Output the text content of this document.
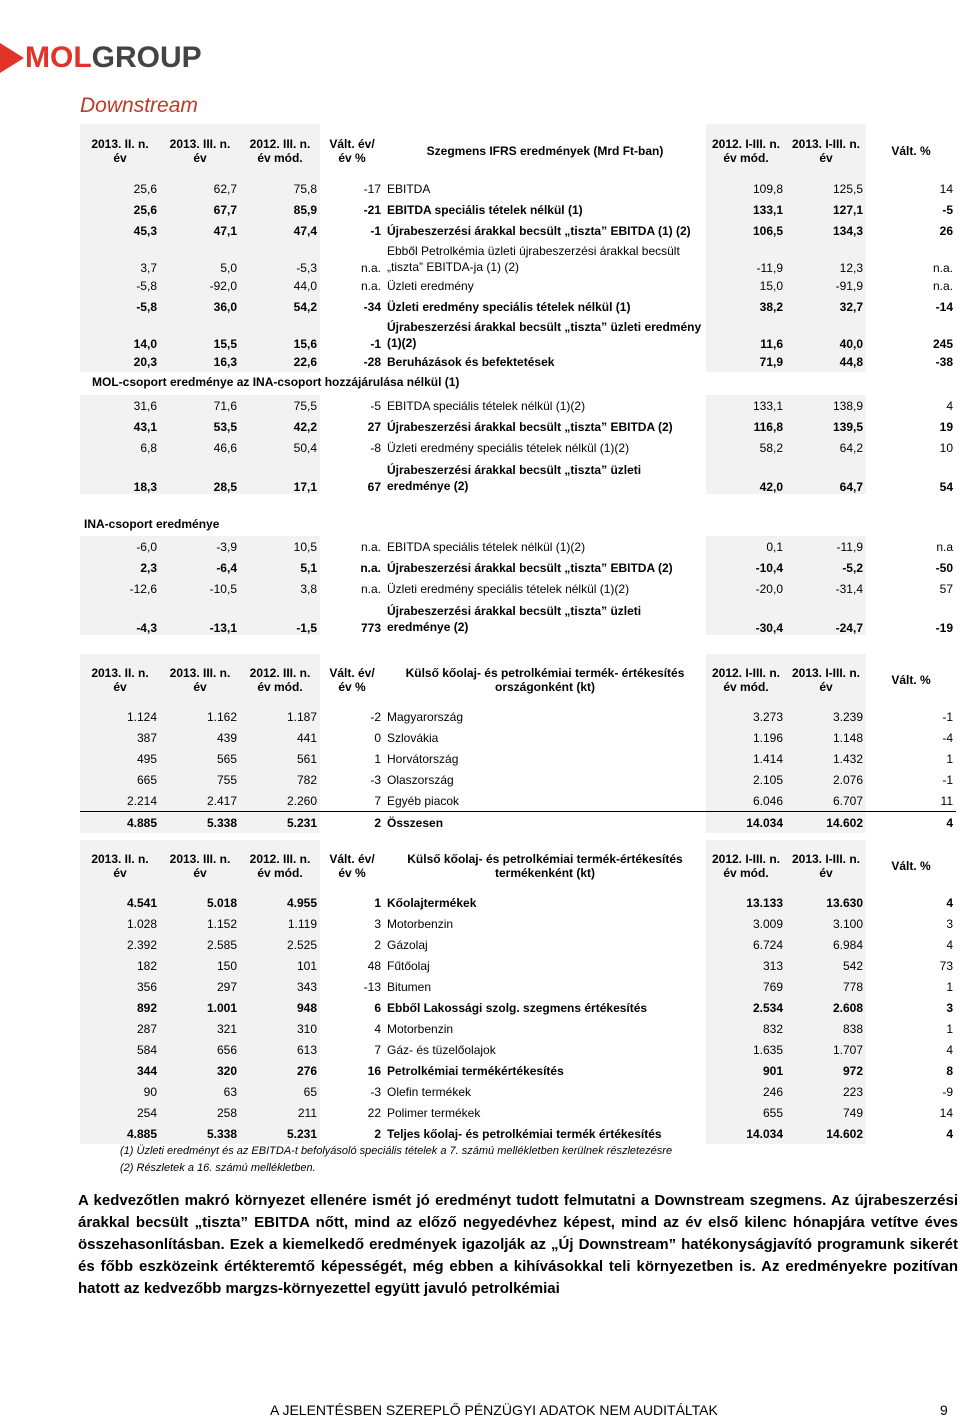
MOLGROUP
Downstream
2013. II. n. év	2013. III. n. év	2012. III. n. év mód.	Vált. év/év %	Szegmens IFRS eredmények (Mrd Ft-ban)	2012. I-III. n. év mód.	2013. I-III. n. év	Vált. %
25,6	62,7	75,8	-17	EBITDA	109,8	125,5	14
25,6	67,7	85,9	-21	EBITDA speciális tételek nélkül (1)	133,1	127,1	-5
45,3	47,1	47,4	-1	Újrabeszerzési árakkal becsült „tiszta” EBITDA (1) (2)	106,5	134,3	26
3,7	5,0	-5,3	n.a.	Ebből Petrolkémia üzleti újrabeszerzési árakkal becsült „tiszta” EBITDA-ja (1) (2)	-11,9	12,3	n.a.
-5,8	-92,0	44,0	n.a.	Üzleti eredmény	15,0	-91,9	n.a.
-5,8	36,0	54,2	-34	Üzleti eredmény speciális tételek nélkül (1)	38,2	32,7	-14
14,0	15,5	15,6	-1	Újrabeszerzési árakkal becsült „tiszta” üzleti eredmény (1)(2)	11,6	40,0	245
20,3	16,3	22,6	-28	Beruházások és befektetések	71,9	44,8	-38
MOL-csoport eredménye az INA-csoport hozzájárulása nélkül (1)
31,6	71,6	75,5	-5	EBITDA speciális tételek nélkül (1)(2)	133,1	138,9	4
43,1	53,5	42,2	27	Újrabeszerzési árakkal becsült „tiszta” EBITDA (2)	116,8	139,5	19
6,8	46,6	50,4	-8	Üzleti eredmény speciális tételek nélkül (1)(2)	58,2	64,2	10
18,3	28,5	17,1	67	Újrabeszerzési árakkal becsült „tiszta” üzleti eredménye (2)	42,0	64,7	54
INA-csoport eredménye
-6,0	-3,9	10,5	n.a.	EBITDA speciális tételek nélkül (1)(2)	0,1	-11,9	n.a
2,3	-6,4	5,1	n.a.	Újrabeszerzési árakkal becsült „tiszta” EBITDA (2)	-10,4	-5,2	-50
-12,6	-10,5	3,8	n.a.	Üzleti eredmény speciális tételek nélkül (1)(2)	-20,0	-31,4	57
-4,3	-13,1	-1,5	773	Újrabeszerzési árakkal becsült „tiszta” üzleti eredménye (2)	-30,4	-24,7	-19
2013. II. n. év	2013. III. n. év	2012. III. n. év mód.	Vált. év/év %	Külső kőolaj- és petrolkémiai termék- értékesítés országonként (kt)	2012. I-III. n. év mód.	2013. I-III. n. év	Vált. %
1.124	1.162	1.187	-2	Magyarország	3.273	3.239	-1
387	439	441	0	Szlovákia	1.196	1.148	-4
495	565	561	1	Horvátország	1.414	1.432	1
665	755	782	-3	Olaszország	2.105	2.076	-1
2.214	2.417	2.260	7	Egyéb piacok	6.046	6.707	11
4.885	5.338	5.231	2	Összesen	14.034	14.602	4
2013. II. n. év	2013. III. n. év	2012. III. n. év mód.	Vált. év/év %	Külső kőolaj- és petrolkémiai termék-értékesítés termékenként (kt)	2012. I-III. n. év mód.	2013. I-III. n. év	Vált. %
4.541	5.018	4.955	1	Kőolajtermékek	13.133	13.630	4
1.028	1.152	1.119	3	Motorbenzin	3.009	3.100	3
2.392	2.585	2.525	2	Gázolaj	6.724	6.984	4
182	150	101	48	Fűtőolaj	313	542	73
356	297	343	-13	Bitumen	769	778	1
892	1.001	948	6	Ebből Lakossági szolg. szegmens értékesítés	2.534	2.608	3
287	321	310	4	Motorbenzin	832	838	1
584	656	613	7	Gáz- és tüzelőolajok	1.635	1.707	4
344	320	276	16	Petrolkémiai termékértékesítés	901	972	8
90	63	65	-3	Olefin termékek	246	223	-9
254	258	211	22	Polimer termékek	655	749	14
4.885	5.338	5.231	2	Teljes kőolaj- és petrolkémiai termék értékesítés	14.034	14.602	4
(1) Üzleti eredményt és az EBITDA-t befolyásoló speciális tételek a 7. számú mellékletben kerülnek részletezésre
(2) Részletek a 16. számú mellékletben.
A kedvezőtlen makró környezet ellenére ismét jó eredményt tudott felmutatni a Downstream szegmens. Az újrabeszerzési árakkal becsült „tiszta” EBITDA nőtt, mind az előző negyedévhez képest, mind az év első kilenc hónapjára vetítve éves összehasonlításban. Ezek a kiemelkedő eredmények igazolják az „Új Downstream” hatékonyságjavító programunk sikerét és főbb eszközeink értékteremtő képességét, még ebben a kihívásokkal teli környezetben is. Az eredményekre pozitívan hatott az kedvezőbb margzs-környezettel együtt javuló petrolkémiai
A JELENTÉSBEN SZEREPLŐ PÉNZÜGYI ADATOK NEM AUDITÁLTAK	9
